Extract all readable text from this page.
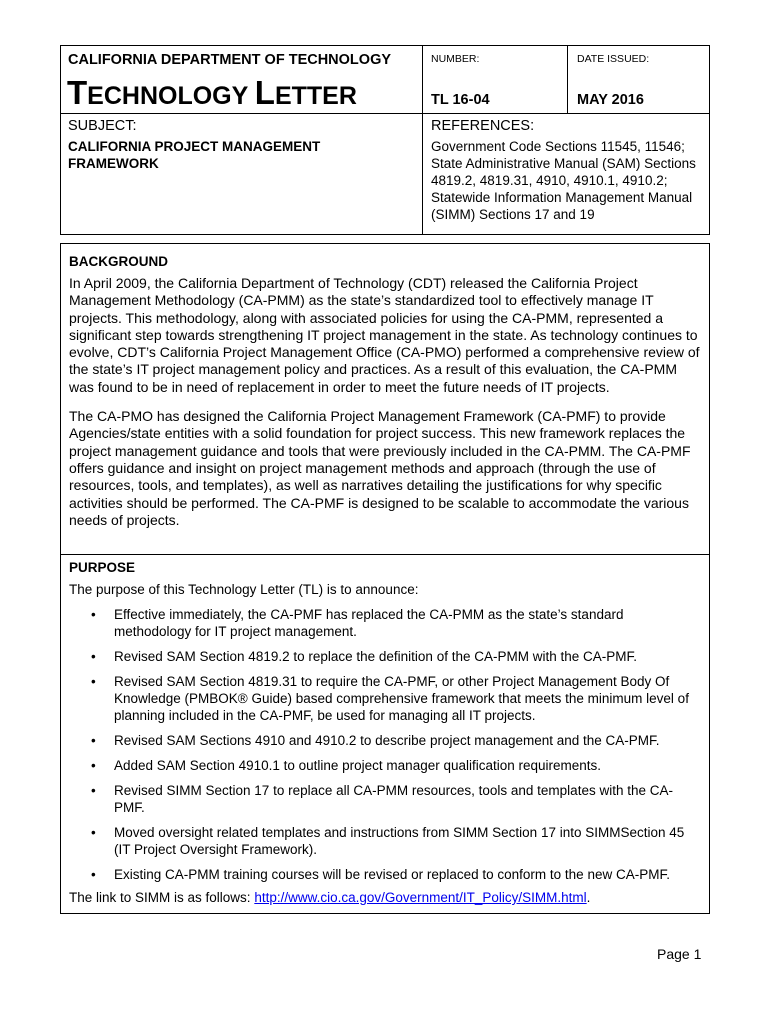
CALIFORNIA DEPARTMENT OF TECHNOLOGY
TECHNOLOGY LETTER
NUMBER:
TL 16-04
DATE ISSUED:
MAY 2016
SUBJECT:
CALIFORNIA PROJECT MANAGEMENT FRAMEWORK
REFERENCES:
Government Code Sections 11545, 11546;
State Administrative Manual (SAM) Sections 4819.2, 4819.31, 4910, 4910.1, 4910.2;
Statewide Information Management Manual (SIMM) Sections 17 and 19
BACKGROUND

In April 2009, the California Department of Technology (CDT) released the California Project Management Methodology (CA-PMM) as the state’s standardized tool to effectively manage IT projects. This methodology, along with associated policies for using the CA-PMM, represented a significant step towards strengthening IT project management in the state. As technology continues to evolve, CDT’s California Project Management Office (CA-PMO) performed a comprehensive review of the state’s IT project management policy and practices. As a result of this evaluation, the CA-PMM was found to be in need of replacement in order to meet the future needs of IT projects.

The CA-PMO has designed the California Project Management Framework (CA-PMF) to provide Agencies/state entities with a solid foundation for project success. This new framework replaces the project management guidance and tools that were previously included in the CA-PMM. The CA-PMF offers guidance and insight on project management methods and approach (through the use of resources, tools, and templates), as well as narratives detailing the justifications for why specific activities should be performed. The CA-PMF is designed to be scalable to accommodate the various needs of projects.

PURPOSE

The purpose of this Technology Letter (TL) is to announce:

• Effective immediately, the CA-PMF has replaced the CA-PMM as the state’s standard methodology for IT project management.
• Revised SAM Section 4819.2 to replace the definition of the CA-PMM with the CA-PMF.
• Revised SAM Section 4819.31 to require the CA-PMF, or other Project Management Body Of Knowledge (PMBOK® Guide) based comprehensive framework that meets the minimum level of planning included in the CA-PMF, be used for managing all IT projects.
• Revised SAM Sections 4910 and 4910.2 to describe project management and the CA-PMF.
• Added SAM Section 4910.1 to outline project manager qualification requirements.
• Revised SIMM Section 17 to replace all CA-PMM resources, tools and templates with the CA-PMF.
• Moved oversight related templates and instructions from SIMM Section 17 into SIMMSection 45 (IT Project Oversight Framework).
• Existing CA-PMM training courses will be revised or replaced to conform to the new CA-PMF.
The link to SIMM is as follows: http://www.cio.ca.gov/Government/IT_Policy/SIMM.html.
Page 1
